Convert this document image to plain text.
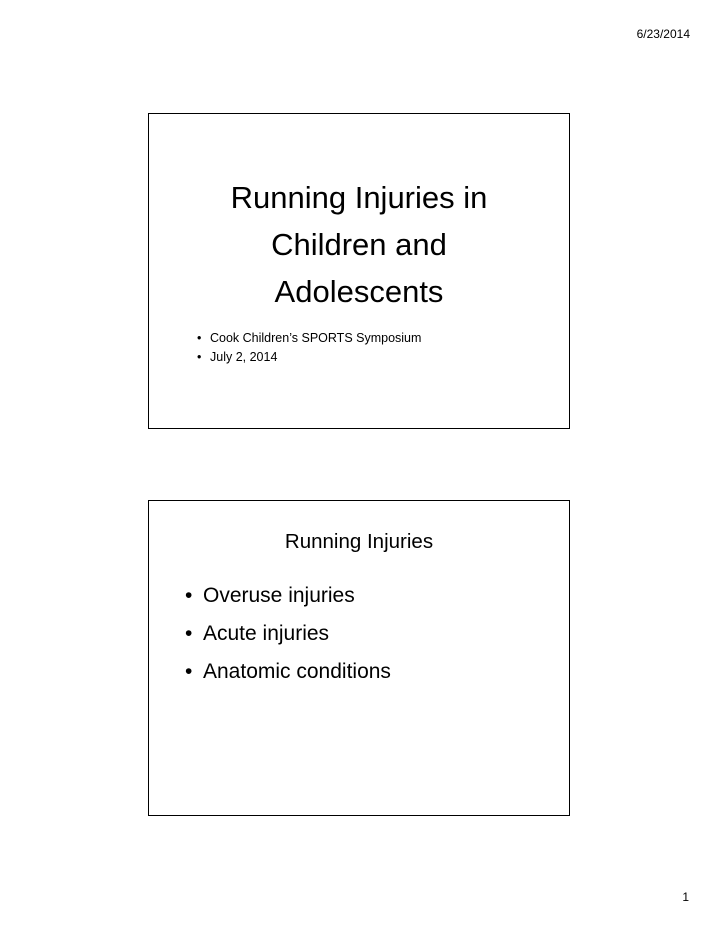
6/23/2014
Running Injuries in
Children and
Adolescents
• Cook Children’s SPORTS Symposium
• July 2, 2014
Running Injuries
• Overuse injuries
• Acute injuries
• Anatomic conditions
1
